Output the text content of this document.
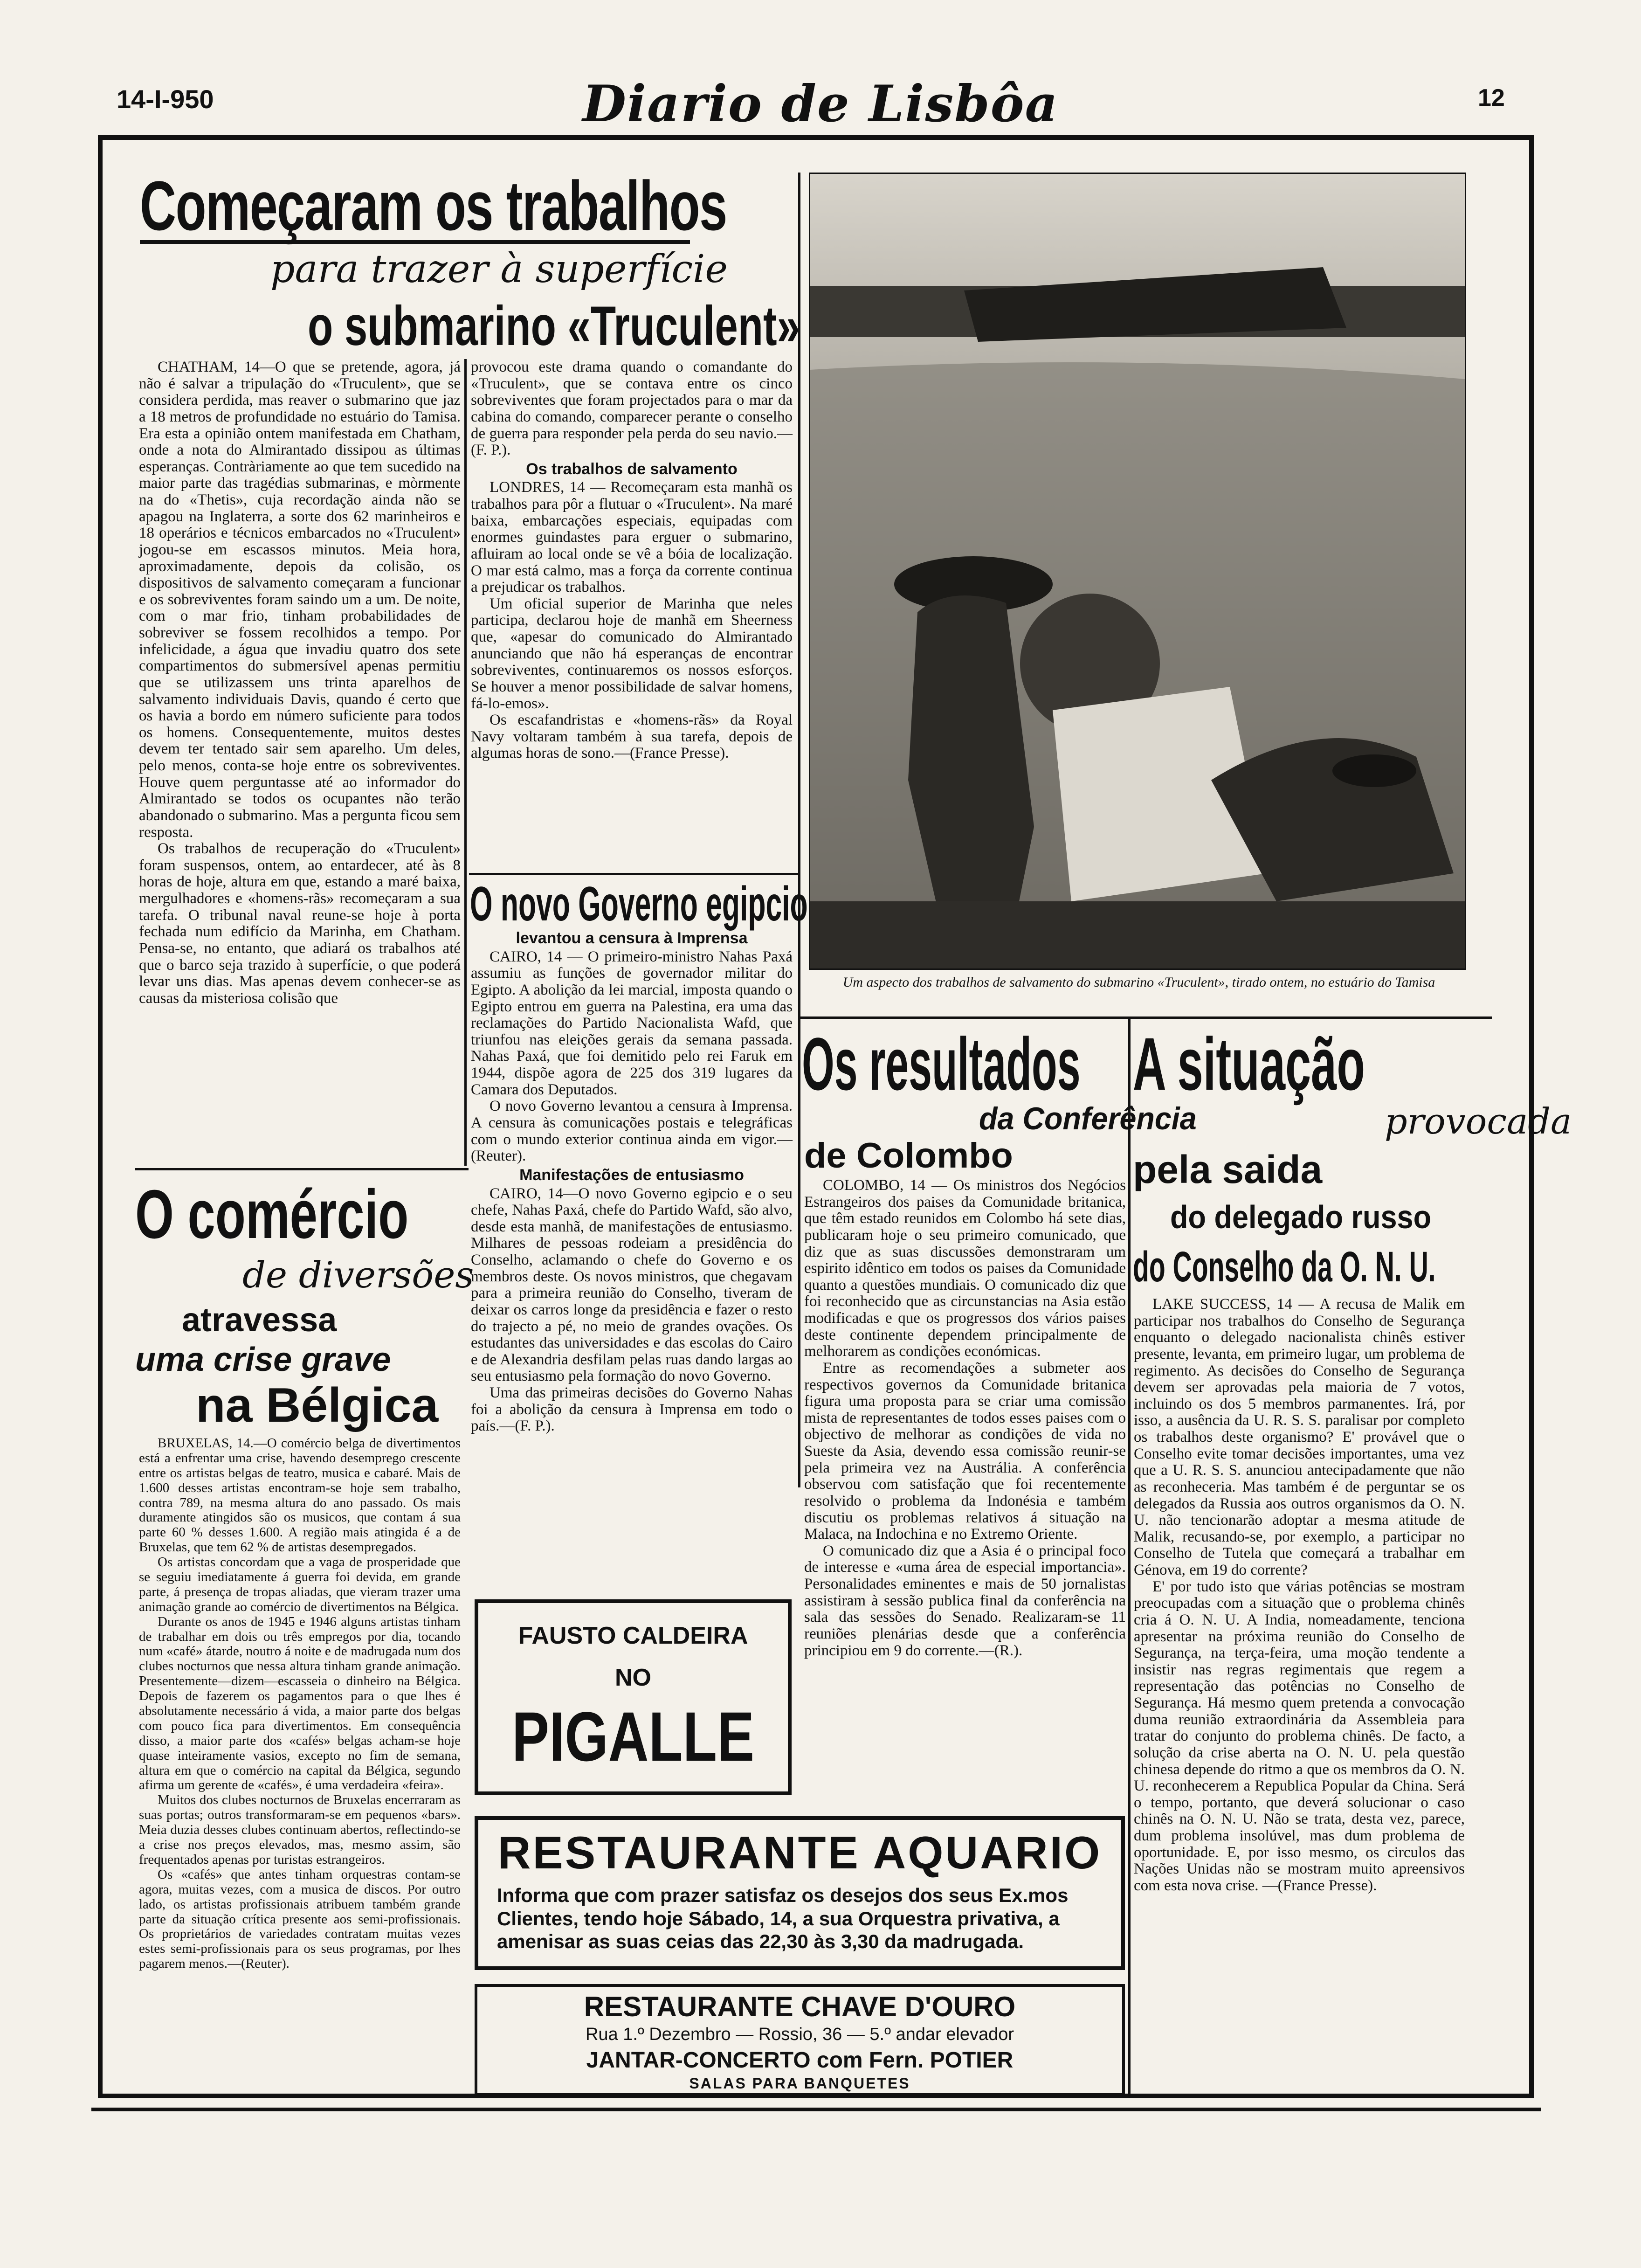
14-I-950	Diario de Lisbôa	12
Começaram os trabalhos
para trazer à superfície
o submarino «Truculent»

CHATHAM, 14—O que se pretende, agora, já não é salvar a tripulação do «Truculent», que se considera perdida, mas reaver o submarino que jaz a 18 metros de profundidade no estuário do Tamisa. Era esta a opinião ontem manifestada em Chatham, onde a nota do Almirantado dissipou as últimas esperanças. Contràriamente ao que tem sucedido na maior parte das tragédias submarinas, e mòrmente na do «Thetis», cuja recordação ainda não se apagou na Inglaterra, a sorte dos 62 marinheiros e 18 operários e técnicos embarcados no «Truculent» jogou-se em escassos minutos. Meia hora, aproximadamente, depois da colisão, os dispositivos de salvamento começaram a funcionar e os sobreviventes foram saindo um a um. De noite, com o mar frio, tinham probabilidades de sobreviver se fossem recolhidos a tempo. Por infelicidade, a água que invadiu quatro dos sete compartimentos do submersível apenas permitiu que se utilizassem uns trinta aparelhos de salvamento individuais Davis, quando é certo que os havia a bordo em número suficiente para todos os homens. Consequentemente, muitos destes devem ter tentado sair sem aparelho. Um deles, pelo menos, conta-se hoje entre os sobreviventes. Houve quem perguntasse até ao informador do Almirantado se todos os ocupantes não terão abandonado o submarino. Mas a pergunta ficou sem resposta.

Os trabalhos de recuperação do «Truculent» foram suspensos, ontem, ao entardecer, até às 8 horas de hoje, altura em que, estando a maré baixa, mergulhadores e «homens-rãs» recomeçaram a sua tarefa. O tribunal naval reune-se hoje à porta fechada num edifício da Marinha, em Chatham. Pensa-se, no entanto, que adiará os trabalhos até que o barco seja trazido à superfície, o que poderá levar uns dias. Mas apenas devem conhecer-se as causas da misteriosa colisão que

provocou este drama quando o comandante do «Truculent», que se contava entre os cinco sobreviventes que foram projectados para o mar da cabina do comando, comparecer perante o conselho de guerra para responder pela perda do seu navio.—(F. P.).

Os trabalhos de salvamento

LONDRES, 14 — Recomeçaram esta manhã os trabalhos para pôr a flutuar o «Truculent». Na maré baixa, embarcações especiais, equipadas com enormes guindastes para erguer o submarino, afluiram ao local onde se vê a bóia de localização. O mar está calmo, mas a força da corrente continua a prejudicar os trabalhos.

Um oficial superior de Marinha que neles participa, declarou hoje de manhã em Sheerness que, «apesar do comunicado do Almirantado anunciando que não há esperanças de encontrar sobreviventes, continuaremos os nossos esforços. Se houver a menor possibilidade de salvar homens, fá-lo-emos».

Os escafandristas e «homens-rãs» da Royal Navy voltaram também à sua tarefa, depois de algumas horas de sono.—(France Presse).

O novo Governo egipcio
levantou a censura à Imprensa

CAIRO, 14 — O primeiro-ministro Nahas Paxá assumiu as funções de governador militar do Egipto. A abolição da lei marcial, imposta quando o Egipto entrou em guerra na Palestina, era uma das reclamações do Partido Nacionalista Wafd, que triunfou nas eleições gerais da semana passada. Nahas Paxá, que foi demitido pelo rei Faruk em 1944, dispõe agora de 225 dos 319 lugares da Camara dos Deputados.

O novo Governo levantou a censura à Imprensa. A censura às comunicações postais e telegráficas com o mundo exterior continua ainda em vigor.—(Reuter).

Manifestações de entusiasmo

CAIRO, 14—O novo Governo egipcio e o seu chefe, Nahas Paxá, chefe do Partido Wafd, são alvo, desde esta manhã, de manifestações de entusiasmo. Milhares de pessoas rodeiam a presidência do Conselho, aclamando o chefe do Governo e os membros deste. Os novos ministros, que chegavam para a primeira reunião do Conselho, tiveram de deixar os carros longe da presidência e fazer o resto do trajecto a pé, no meio de grandes ovações. Os estudantes das universidades e das escolas do Cairo e de Alexandria desfilam pelas ruas dando largas ao seu entusiasmo pela formação do novo Governo.

Uma das primeiras decisões do Governo Nahas foi a abolição da censura à Imprensa em todo o país.—(F. P.).

Um aspecto dos trabalhos de salvamento do submarino «Truculent», tirado ontem, no estuário do Tamisa
Os resultados
da Conferência
de Colombo

COLOMBO, 14 — Os ministros dos Negócios Estrangeiros dos paises da Comunidade britanica, que têm estado reunidos em Colombo há sete dias, publicaram hoje o seu primeiro comunicado, que diz que as suas discussões demonstraram um espirito idêntico em todos os paises da Comunidade quanto a questões mundiais. O comunicado diz que foi reconhecido que as circunstancias na Asia estão modificadas e que os progressos dos vários paises deste continente dependem principalmente de melhorarem as condições económicas.

Entre as recomendações a submeter aos respectivos governos da Comunidade britanica figura uma proposta para se criar uma comissão mista de representantes de todos esses paises com o objectivo de melhorar as condições de vida no Sueste da Asia, devendo essa comissão reunir-se pela primeira vez na Austrália. A conferência observou com satisfação que foi recentemente resolvido o problema da Indonésia e também discutiu os problemas relativos á situação na Malaca, na Indochina e no Extremo Oriente.

O comunicado diz que a Asia é o principal foco de interesse e «uma área de especial importancia». Personalidades eminentes e mais de 50 jornalistas assistiram à sessão publica final da conferência na sala das sessões do Senado. Realizaram-se 11 reuniões plenárias desde que a conferência principiou em 9 do corrente.—(R.).

A situação
provocada
pela saida
do delegado russo
do Conselho da O. N. U.

LAKE SUCCESS, 14 — A recusa de Malik em participar nos trabalhos do Conselho de Segurança enquanto o delegado nacionalista chinês estiver presente, levanta, em primeiro lugar, um problema de regimento. As decisões do Conselho de Segurança devem ser aprovadas pela maioria de 7 votos, incluindo os dos 5 membros parmanentes. Irá, por isso, a ausência da U. R. S. S. paralisar por completo os trabalhos deste organismo? E' provável que o Conselho evite tomar decisões importantes, uma vez que a U. R. S. S. anunciou antecipadamente que não as reconheceria. Mas também é de perguntar se os delegados da Russia aos outros organismos da O. N. U. não tencionarão adoptar a mesma atitude de Malik, recusando-se, por exemplo, a participar no Conselho de Tutela que começará a trabalhar em Génova, em 19 do corrente?

E' por tudo isto que várias potências se mostram preocupadas com a situação que o problema chinês cria á O. N. U. A India, nomeadamente, tenciona apresentar na próxima reunião do Conselho de Segurança, na terça-feira, uma moção tendente a insistir nas regras regimentais que regem a representação das potências no Conselho de Segurança. Há mesmo quem pretenda a convocação duma reunião extraordinária da Assembleia para tratar do conjunto do problema chinês. De facto, a solução da crise aberta na O. N. U. pela questão chinesa depende do ritmo a que os membros da O. N. U. reconhecerem a Republica Popular da China. Será o tempo, portanto, que deverá solucionar o caso chinês na O. N. U. Não se trata, desta vez, parece, dum problema insolúvel, mas dum problema de oportunidade. E, por isso mesmo, os circulos das Nações Unidas não se mostram muito apreensivos com esta nova crise. —(France Presse).

O comércio
de diversões
atravessa
uma crise grave
na Bélgica

BRUXELAS, 14.—O comércio belga de divertimentos está a enfrentar uma crise, havendo desemprego crescente entre os artistas belgas de teatro, musica e cabaré. Mais de 1.600 desses artistas encontram-se hoje sem trabalho, contra 789, na mesma altura do ano passado. Os mais duramente atingidos são os musicos, que contam á sua parte 60 % desses 1.600. A região mais atingida é a de Bruxelas, que tem 62 % de artistas desempregados.

Os artistas concordam que a vaga de prosperidade que se seguiu imediatamente á guerra foi devida, em grande parte, á presença de tropas aliadas, que vieram trazer uma animação grande ao comércio de divertimentos na Bélgica.

Durante os anos de 1945 e 1946 alguns artistas tinham de trabalhar em dois ou três empregos por dia, tocando num «café» átarde, noutro á noite e de madrugada num dos clubes nocturnos que nessa altura tinham grande animação. Presentemente—dizem—escasseia o dinheiro na Bélgica. Depois de fazerem os pagamentos para o que lhes é absolutamente necessário á vida, a maior parte dos belgas com pouco fica para divertimentos. Em consequência disso, a maior parte dos «cafés» belgas acham-se hoje quase inteiramente vasios, excepto no fim de semana, altura em que o comércio na capital da Bélgica, segundo afirma um gerente de «cafés», é uma verdadeira «feira».

Muitos dos clubes nocturnos de Bruxelas encerraram as suas portas; outros transformaram-se em pequenos «bars». Meia duzia desses clubes continuam abertos, reflectindo-se a crise nos preços elevados, mas, mesmo assim, são frequentados apenas por turistas estrangeiros.

Os «cafés» que antes tinham orquestras contam-se agora, muitas vezes, com a musica de discos. Por outro lado, os artistas profissionais atribuem também grande parte da situação crítica presente aos semi-profissionais. Os proprietários de variedades contratam muitas vezes estes semi-profissionais para os seus programas, por lhes pagarem menos.—(Reuter).

FAUSTO CALDEIRA
NO
PIGALLE
RESTAURANTE AQUARIO
Informa que com prazer satisfaz os desejos dos seus Ex.mos Clientes, tendo hoje Sábado, 14, a sua Orquestra privativa, a amenisar as suas ceias das 22,30 às 3,30 da madrugada.
RESTAURANTE CHAVE D'OURO
Rua 1.º Dezembro — Rossio, 36 — 5.º andar elevador
JANTAR-CONCERTO com Fern. POTIER
SALAS PARA BANQUETES
